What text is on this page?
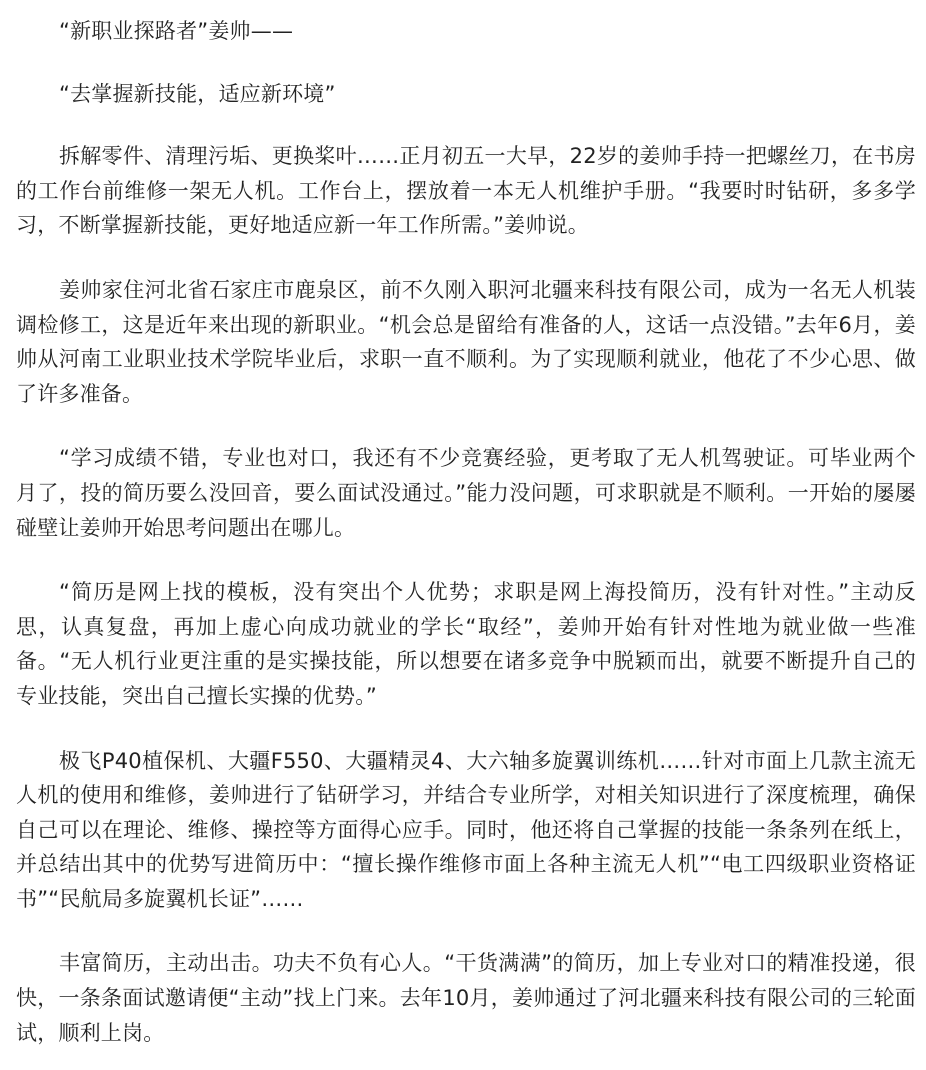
“新职业探路者”姜帅——

“去掌握新技能，适应新环境”

拆解零件、清理污垢、更换桨叶……正月初五一大早，22岁的姜帅手持一把螺丝刀，在书房的工作台前维修一架无人机。工作台上，摆放着一本无人机维护手册。“我要时时钻研，多多学习，不断掌握新技能，更好地适应新一年工作所需。”姜帅说。

姜帅家住河北省石家庄市鹿泉区，前不久刚入职河北疆来科技有限公司，成为一名无人机装调检修工，这是近年来出现的新职业。“机会总是留给有准备的人，这话一点没错。”去年6月，姜帅从河南工业职业技术学院毕业后，求职一直不顺利。为了实现顺利就业，他花了不少心思、做了许多准备。

“学习成绩不错，专业也对口，我还有不少竞赛经验，更考取了无人机驾驶证。可毕业两个月了，投的简历要么没回音，要么面试没通过。”能力没问题，可求职就是不顺利。一开始的屡屡碰壁让姜帅开始思考问题出在哪儿。

“简历是网上找的模板，没有突出个人优势；求职是网上海投简历，没有针对性。”主动反思，认真复盘，再加上虚心向成功就业的学长“取经”，姜帅开始有针对性地为就业做一些准备。“无人机行业更注重的是实操技能，所以想要在诸多竞争中脱颖而出，就要不断提升自己的专业技能，突出自己擅长实操的优势。”

极飞P40植保机、大疆F550、大疆精灵4、大六轴多旋翼训练机……针对市面上几款主流无人机的使用和维修，姜帅进行了钻研学习，并结合专业所学，对相关知识进行了深度梳理，确保自己可以在理论、维修、操控等方面得心应手。同时，他还将自己掌握的技能一条条列在纸上，并总结出其中的优势写进简历中：“擅长操作维修市面上各种主流无人机”“电工四级职业资格证书”“民航局多旋翼机长证”……

丰富简历，主动出击。功夫不负有心人。“干货满满”的简历，加上专业对口的精准投递，很快，一条条面试邀请便“主动”找上门来。去年10月，姜帅通过了河北疆来科技有限公司的三轮面试，顺利上岗。
